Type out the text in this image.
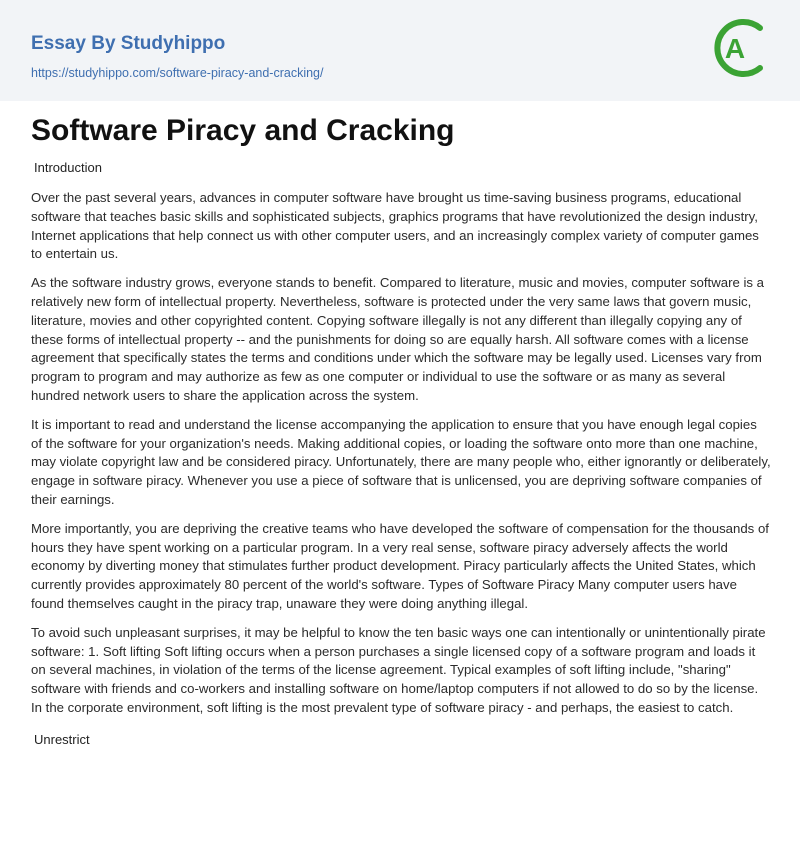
Essay By Studyhippo
https://studyhippo.com/software-piracy-and-cracking/
A
Software Piracy and Cracking
Introduction

Over the past several years, advances in computer software have brought us time-saving business programs, educational software that teaches basic skills and sophisticated subjects, graphics programs that have revolutionized the design industry, Internet applications that help connect us with other computer users, and an increasingly complex variety of computer games to entertain us.

As the software industry grows, everyone stands to benefit. Compared to literature, music and movies, computer software is a relatively new form of intellectual property. Nevertheless, software is protected under the very same laws that govern music, literature, movies and other copyrighted content. Copying software illegally is not any different than illegally copying any of these forms of intellectual property -- and the punishments for doing so are equally harsh. All software comes with a license agreement that specifically states the terms and conditions under which the software may be legally used. Licenses vary from program to program and may authorize as few as one computer or individual to use the software or as many as several hundred network users to share the application across the system.

It is important to read and understand the license accompanying the application to ensure that you have enough legal copies of the software for your organization's needs. Making additional copies, or loading the software onto more than one machine, may violate copyright law and be considered piracy. Unfortunately, there are many people who, either ignorantly or deliberately, engage in software piracy. Whenever you use a piece of software that is unlicensed, you are depriving software companies of their earnings.

More importantly, you are depriving the creative teams who have developed the software of compensation for the thousands of hours they have spent working on a particular program. In a very real sense, software piracy adversely affects the world economy by diverting money that stimulates further product development. Piracy particularly affects the United States, which currently provides approximately 80 percent of the world's software. Types of Software Piracy Many computer users have found themselves caught in the piracy trap, unaware they were doing anything illegal.

To avoid such unpleasant surprises, it may be helpful to know the ten basic ways one can intentionally or unintentionally pirate software: 1. Soft lifting Soft lifting occurs when a person purchases a single licensed copy of a software program and loads it on several machines, in violation of the terms of the license agreement. Typical examples of soft lifting include, "sharing" software with friends and co-workers and installing software on home/laptop computers if not allowed to do so by the license. In the corporate environment, soft lifting is the most prevalent type of software piracy - and perhaps, the easiest to catch.

Unrestrict
